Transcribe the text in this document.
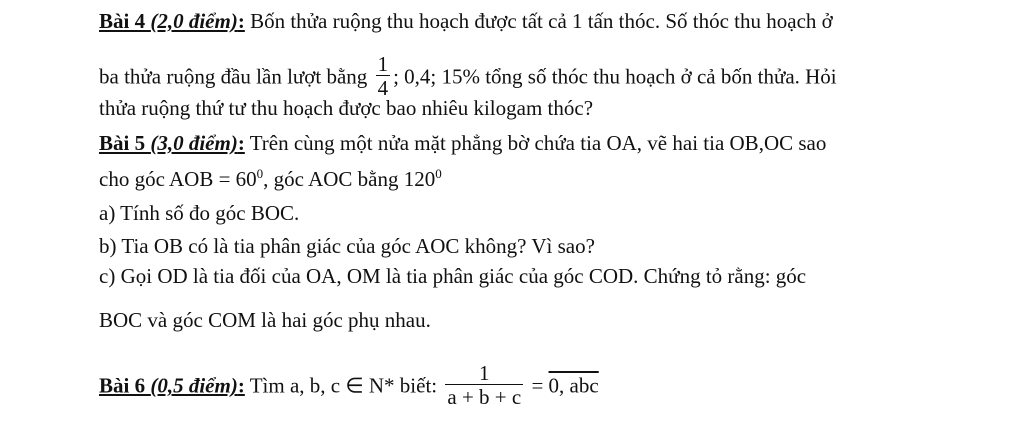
Bài 4 (2,0 điểm): Bốn thửa ruộng thu hoạch được tất cả 1 tấn thóc. Số thóc thu hoạch ở
ba thửa ruộng đầu lần lượt bằng $\frac{1}{4}$ ; 0,4; 15% tổng số thóc thu hoạch ở cả bốn thửa. Hỏi
thửa ruộng thứ tư thu hoạch được bao nhiêu kilogam thóc?
Bài 5 (3,0 điểm): Trên cùng một nửa mặt phẳng bờ chứa tia OA, vẽ hai tia OB,OC sao
cho góc AOB = $60^0$, góc AOC bằng $120^0$
a) Tính số đo góc BOC.
b) Tia OB có là tia phân giác của góc AOC không? Vì sao?
c) Gọi OD là tia đối của OA, OM là tia phân giác của góc COD. Chứng tỏ rằng: góc
BOC và góc COM là hai góc phụ nhau.
Bài 6 (0,5 điểm): Tìm a, b, c ∈ N* biết: $\frac{1}{a + b + c} = 0$, abc
